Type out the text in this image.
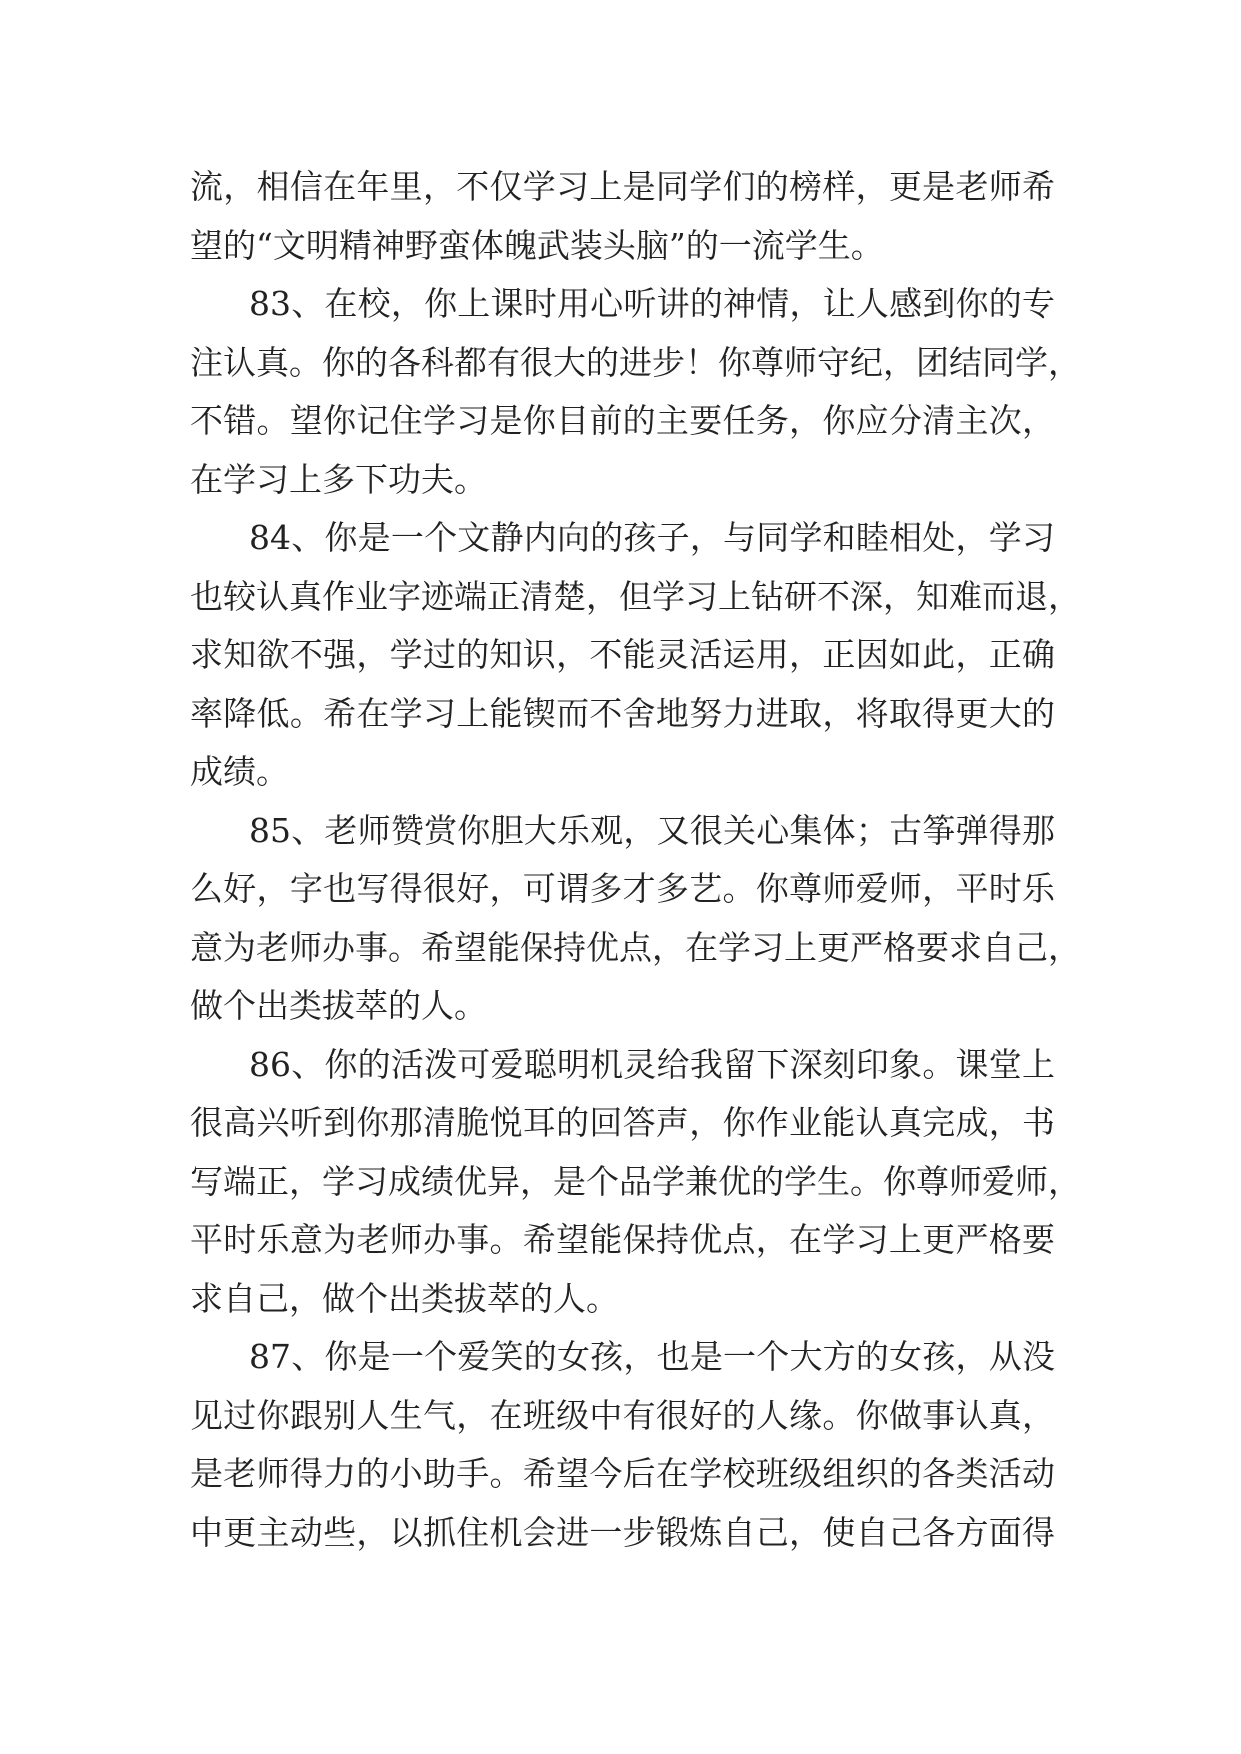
流，相信在年里，不仅学习上是同学们的榜样，更是老师希
望的“文明精神野蛮体魄武装头脑”的一流学生。
83、在校，你上课时用心听讲的神情，让人感到你的专
注认真。你的各科都有很大的进步！你尊师守纪，团结同学，
不错。望你记住学习是你目前的主要任务，你应分清主次，
在学习上多下功夫。
84、你是一个文静内向的孩子，与同学和睦相处，学习
也较认真作业字迹端正清楚，但学习上钻研不深，知难而退，
求知欲不强，学过的知识，不能灵活运用，正因如此，正确
率降低。希在学习上能锲而不舍地努力进取，将取得更大的
成绩。
85、老师赞赏你胆大乐观，又很关心集体；古筝弹得那
么好，字也写得很好，可谓多才多艺。你尊师爱师，平时乐
意为老师办事。希望能保持优点，在学习上更严格要求自己，
做个出类拔萃的人。
86、你的活泼可爱聪明机灵给我留下深刻印象。课堂上
很高兴听到你那清脆悦耳的回答声，你作业能认真完成，书
写端正，学习成绩优异，是个品学兼优的学生。你尊师爱师，
平时乐意为老师办事。希望能保持优点，在学习上更严格要
求自己，做个出类拔萃的人。
87、你是一个爱笑的女孩，也是一个大方的女孩，从没
见过你跟别人生气，在班级中有很好的人缘。你做事认真，
是老师得力的小助手。希望今后在学校班级组织的各类活动
中更主动些，以抓住机会进一步锻炼自己，使自己各方面得
